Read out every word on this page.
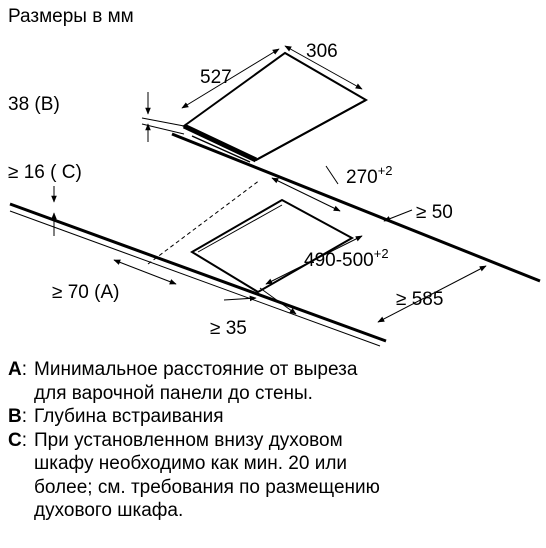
Размеры в мм
306
527
38 (B)
≥ 16 ( C)	$270^{+2}$
≥ 50
$490-500^{+2}$
≥ 70 (A)	≥ 585
≥ 35
A : Минимальное расстояние от выреза
для варочной панели до стены.
B : Глубина встраивания
C : При установленном внизу духовом
шкафу необходимо как мин. 20 или
более; см. требования по размещению
духового шкафа.
